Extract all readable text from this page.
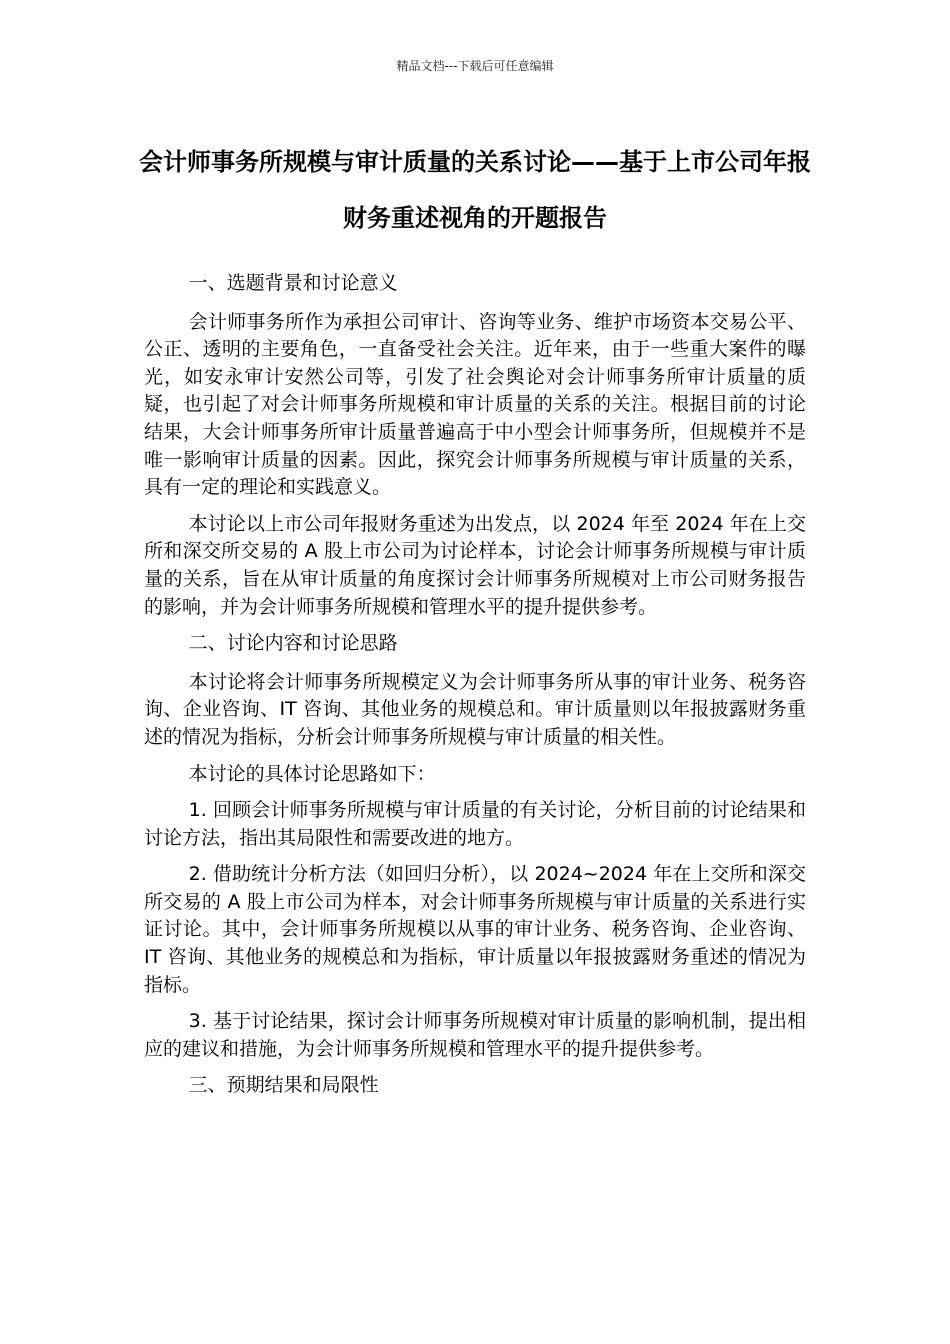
精品文档---下载后可任意编辑
会计师事务所规模与审计质量的关系讨论——基于上市公司年报财务重述视角的开题报告

一、选题背景和讨论意义

会计师事务所作为承担公司审计、咨询等业务、维护市场资本交易公平、公正、透明的主要角色，一直备受社会关注。近年来，由于一些重大案件的曝光，如安永审计安然公司等，引发了社会舆论对会计师事务所审计质量的质疑，也引起了对会计师事务所规模和审计质量的关系的关注。根据目前的讨论结果，大会计师事务所审计质量普遍高于中小型会计师事务所，但规模并不是唯一影响审计质量的因素。因此，探究会计师事务所规模与审计质量的关系，具有一定的理论和实践意义。

本讨论以上市公司年报财务重述为出发点，以 2024 年至 2024 年在上交所和深交所交易的 A 股上市公司为讨论样本，讨论会计师事务所规模与审计质量的关系，旨在从审计质量的角度探讨会计师事务所规模对上市公司财务报告的影响，并为会计师事务所规模和管理水平的提升提供参考。

二、讨论内容和讨论思路

本讨论将会计师事务所规模定义为会计师事务所从事的审计业务、税务咨询、企业咨询、IT 咨询、其他业务的规模总和。审计质量则以年报披露财务重述的情况为指标，分析会计师事务所规模与审计质量的相关性。

本讨论的具体讨论思路如下：

1. 回顾会计师事务所规模与审计质量的有关讨论，分析目前的讨论结果和讨论方法，指出其局限性和需要改进的地方。

2. 借助统计分析方法（如回归分析），以 2024~2024 年在上交所和深交所交易的 A 股上市公司为样本，对会计师事务所规模与审计质量的关系进行实证讨论。其中，会计师事务所规模以从事的审计业务、税务咨询、企业咨询、IT 咨询、其他业务的规模总和为指标，审计质量以年报披露财务重述的情况为指标。

3. 基于讨论结果，探讨会计师事务所规模对审计质量的影响机制，提出相应的建议和措施，为会计师事务所规模和管理水平的提升提供参考。

三、预期结果和局限性
